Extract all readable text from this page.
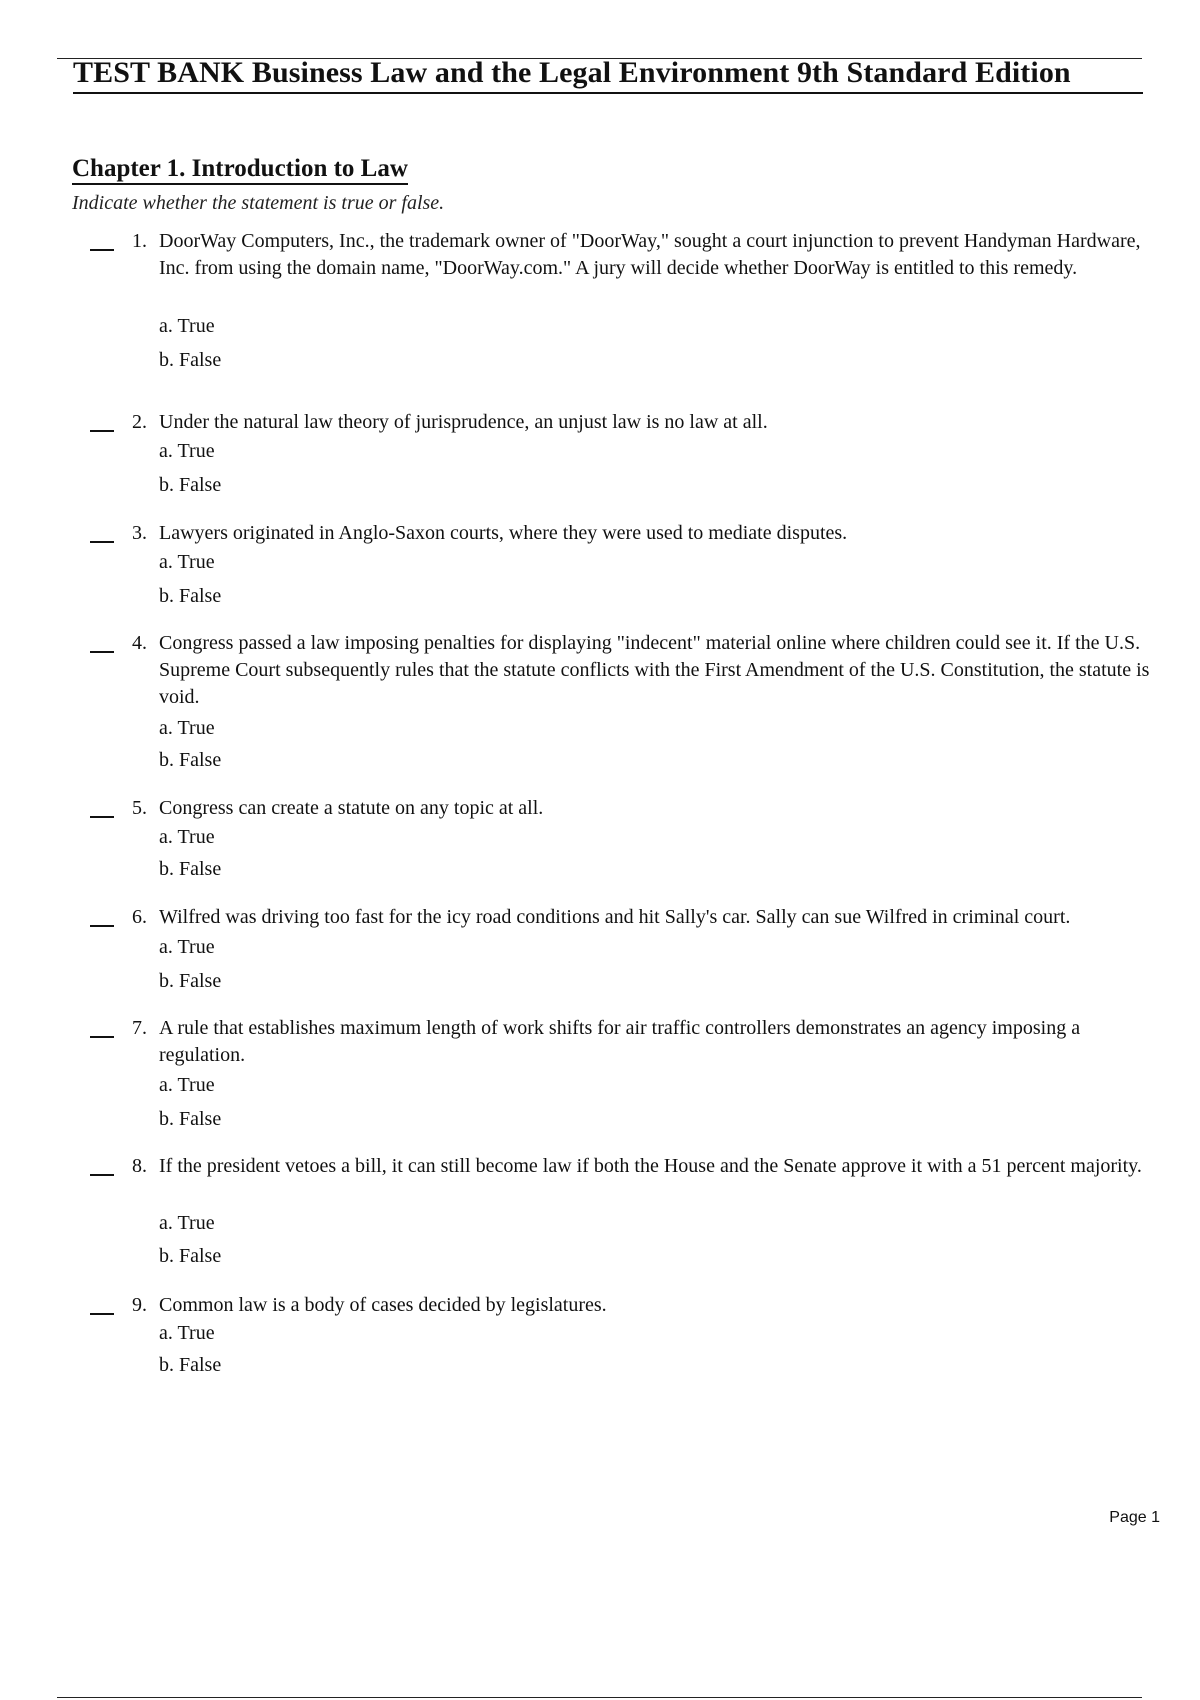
TEST BANK Business Law and the Legal Environment 9th Standard Edition
Chapter 1. Introduction to Law

Indicate whether the statement is true or false.

1. DoorWay Computers, Inc., the trademark owner of "DoorWay," sought a court injunction to prevent Handyman Hardware, Inc. from using the domain name, "DoorWay.com." A jury will decide whether DoorWay is entitled to this remedy.

a. True
b. False
2. Under the natural law theory of jurisprudence, an unjust law is no law at all.

a. True
b. False
3. Lawyers originated in Anglo-Saxon courts, where they were used to mediate disputes.

a. True
b. False
4. Congress passed a law imposing penalties for displaying "indecent" material online where children could see it. If the U.S. Supreme Court subsequently rules that the statute conflicts with the First Amendment of the U.S. Constitution, the statute is void.

a. True
b. False
5. Congress can create a statute on any topic at all.

a. True
b. False
6. Wilfred was driving too fast for the icy road conditions and hit Sally's car. Sally can sue Wilfred in criminal court.

a. True
b. False
7. A rule that establishes maximum length of work shifts for air traffic controllers demonstrates an agency imposing a regulation.

a. True
b. False
8. If the president vetoes a bill, it can still become law if both the House and the Senate approve it with a 51 percent majority.

a. True
b. False
9. Common law is a body of cases decided by legislatures.

a. True
b. False
Page 1
